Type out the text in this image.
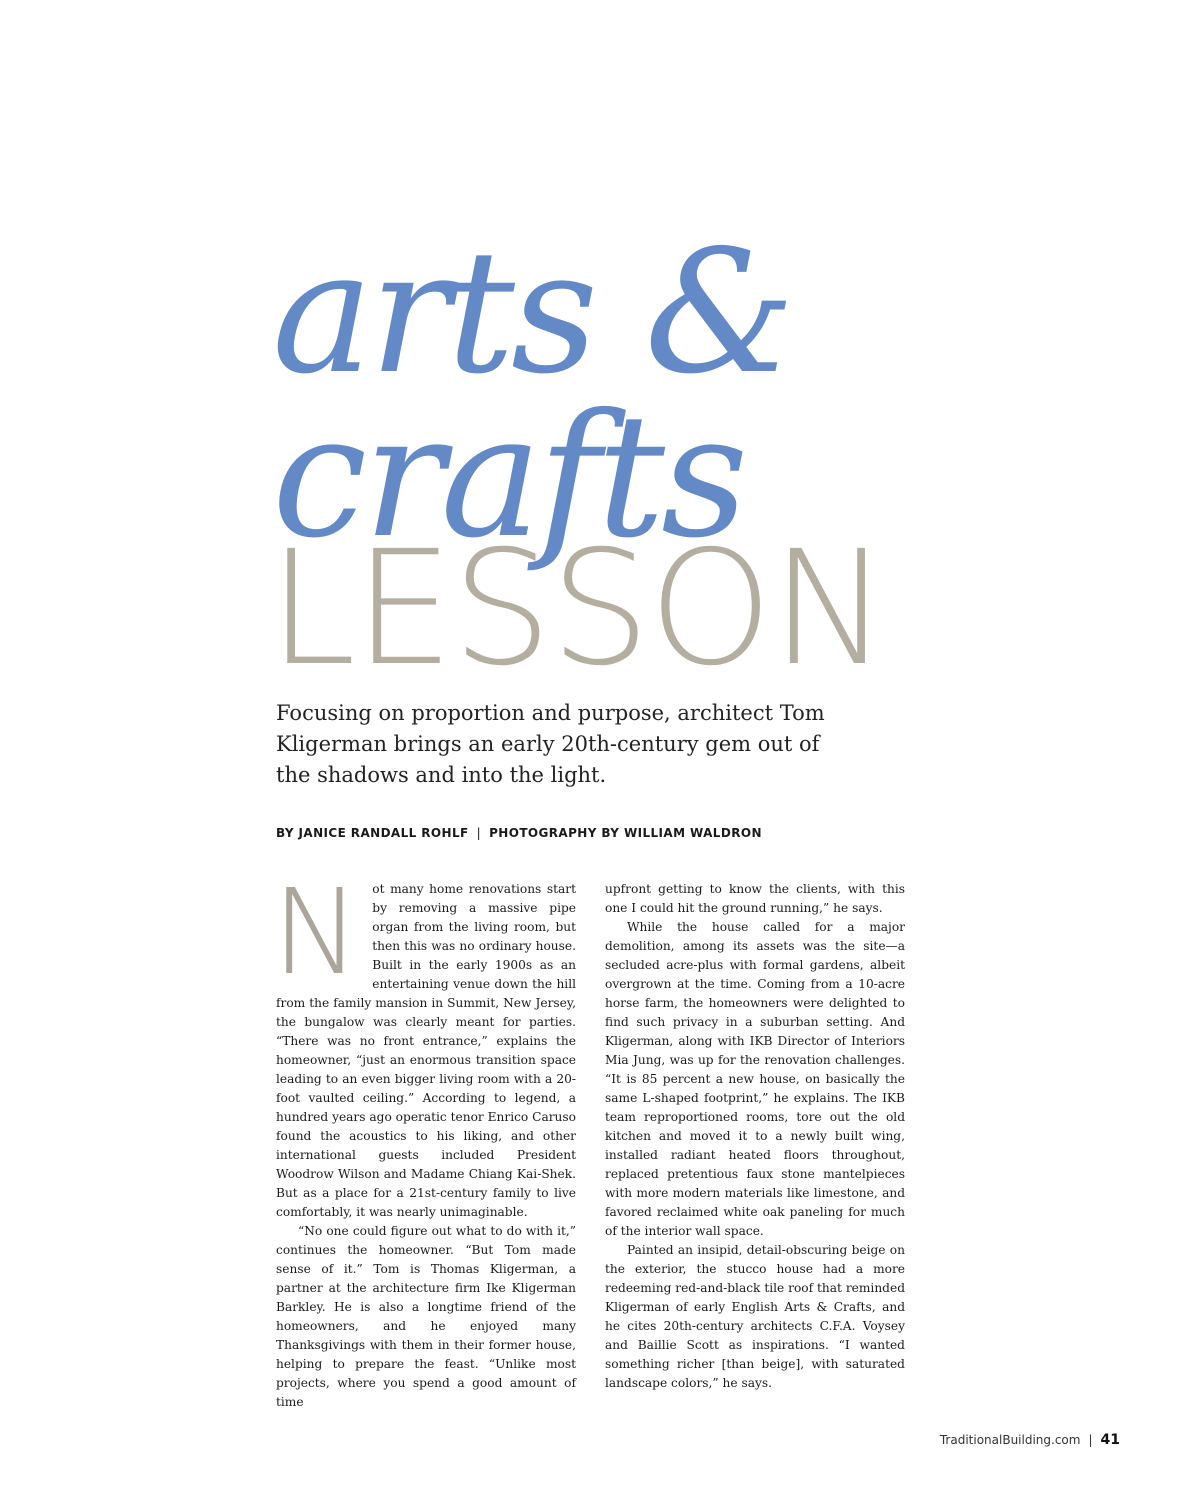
arts &
crafts
LESSON

Focusing on proportion and purpose, architect Tom Kligerman brings an early 20th-century gem out of the shadows and into the light.

BY JANICE RANDALL ROHLF | PHOTOGRAPHY BY WILLIAM WALDRON

Not many home renovations start by removing a massive pipe organ from the living room, but then this was no ordinary house. Built in the early 1900s as an entertaining venue down the hill from the family mansion in Summit, New Jersey, the bungalow was clearly meant for parties. “There was no front entrance,” explains the homeowner, “just an enormous transition space leading to an even bigger living room with a 20-foot vaulted ceiling.” According to legend, a hundred years ago operatic tenor Enrico Caruso found the acoustics to his liking, and other international guests included President Woodrow Wilson and Madame Chiang Kai-Shek. But as a place for a 21st-century family to live comfortably, it was nearly unimaginable.

“No one could figure out what to do with it,” continues the homeowner. “But Tom made sense of it.” Tom is Thomas Kligerman, a partner at the architecture firm Ike Kligerman Barkley. He is also a longtime friend of the homeowners, and he enjoyed many Thanksgivings with them in their former house, helping to prepare the feast. “Unlike most projects, where you spend a good amount of time

upfront getting to know the clients, with this one I could hit the ground running,” he says.

While the house called for a major demolition, among its assets was the site—a secluded acre-plus with formal gardens, albeit overgrown at the time. Coming from a 10-acre horse farm, the homeowners were delighted to find such privacy in a suburban setting. And Kligerman, along with IKB Director of Interiors Mia Jung, was up for the renovation challenges. “It is 85 percent a new house, on basically the same L-shaped footprint,” he explains. The IKB team reproportioned rooms, tore out the old kitchen and moved it to a newly built wing, installed radiant heated floors throughout, replaced pretentious faux stone mantelpieces with more modern materials like limestone, and favored reclaimed white oak paneling for much of the interior wall space.

Painted an insipid, detail-obscuring beige on the exterior, the stucco house had a more redeeming red-and-black tile roof that reminded Kligerman of early English Arts & Crafts, and he cites 20th-century architects C.F.A. Voysey and Baillie Scott as inspirations. “I wanted something richer [than beige], with saturated landscape colors,” he says.

TraditionalBuilding.com | 41
